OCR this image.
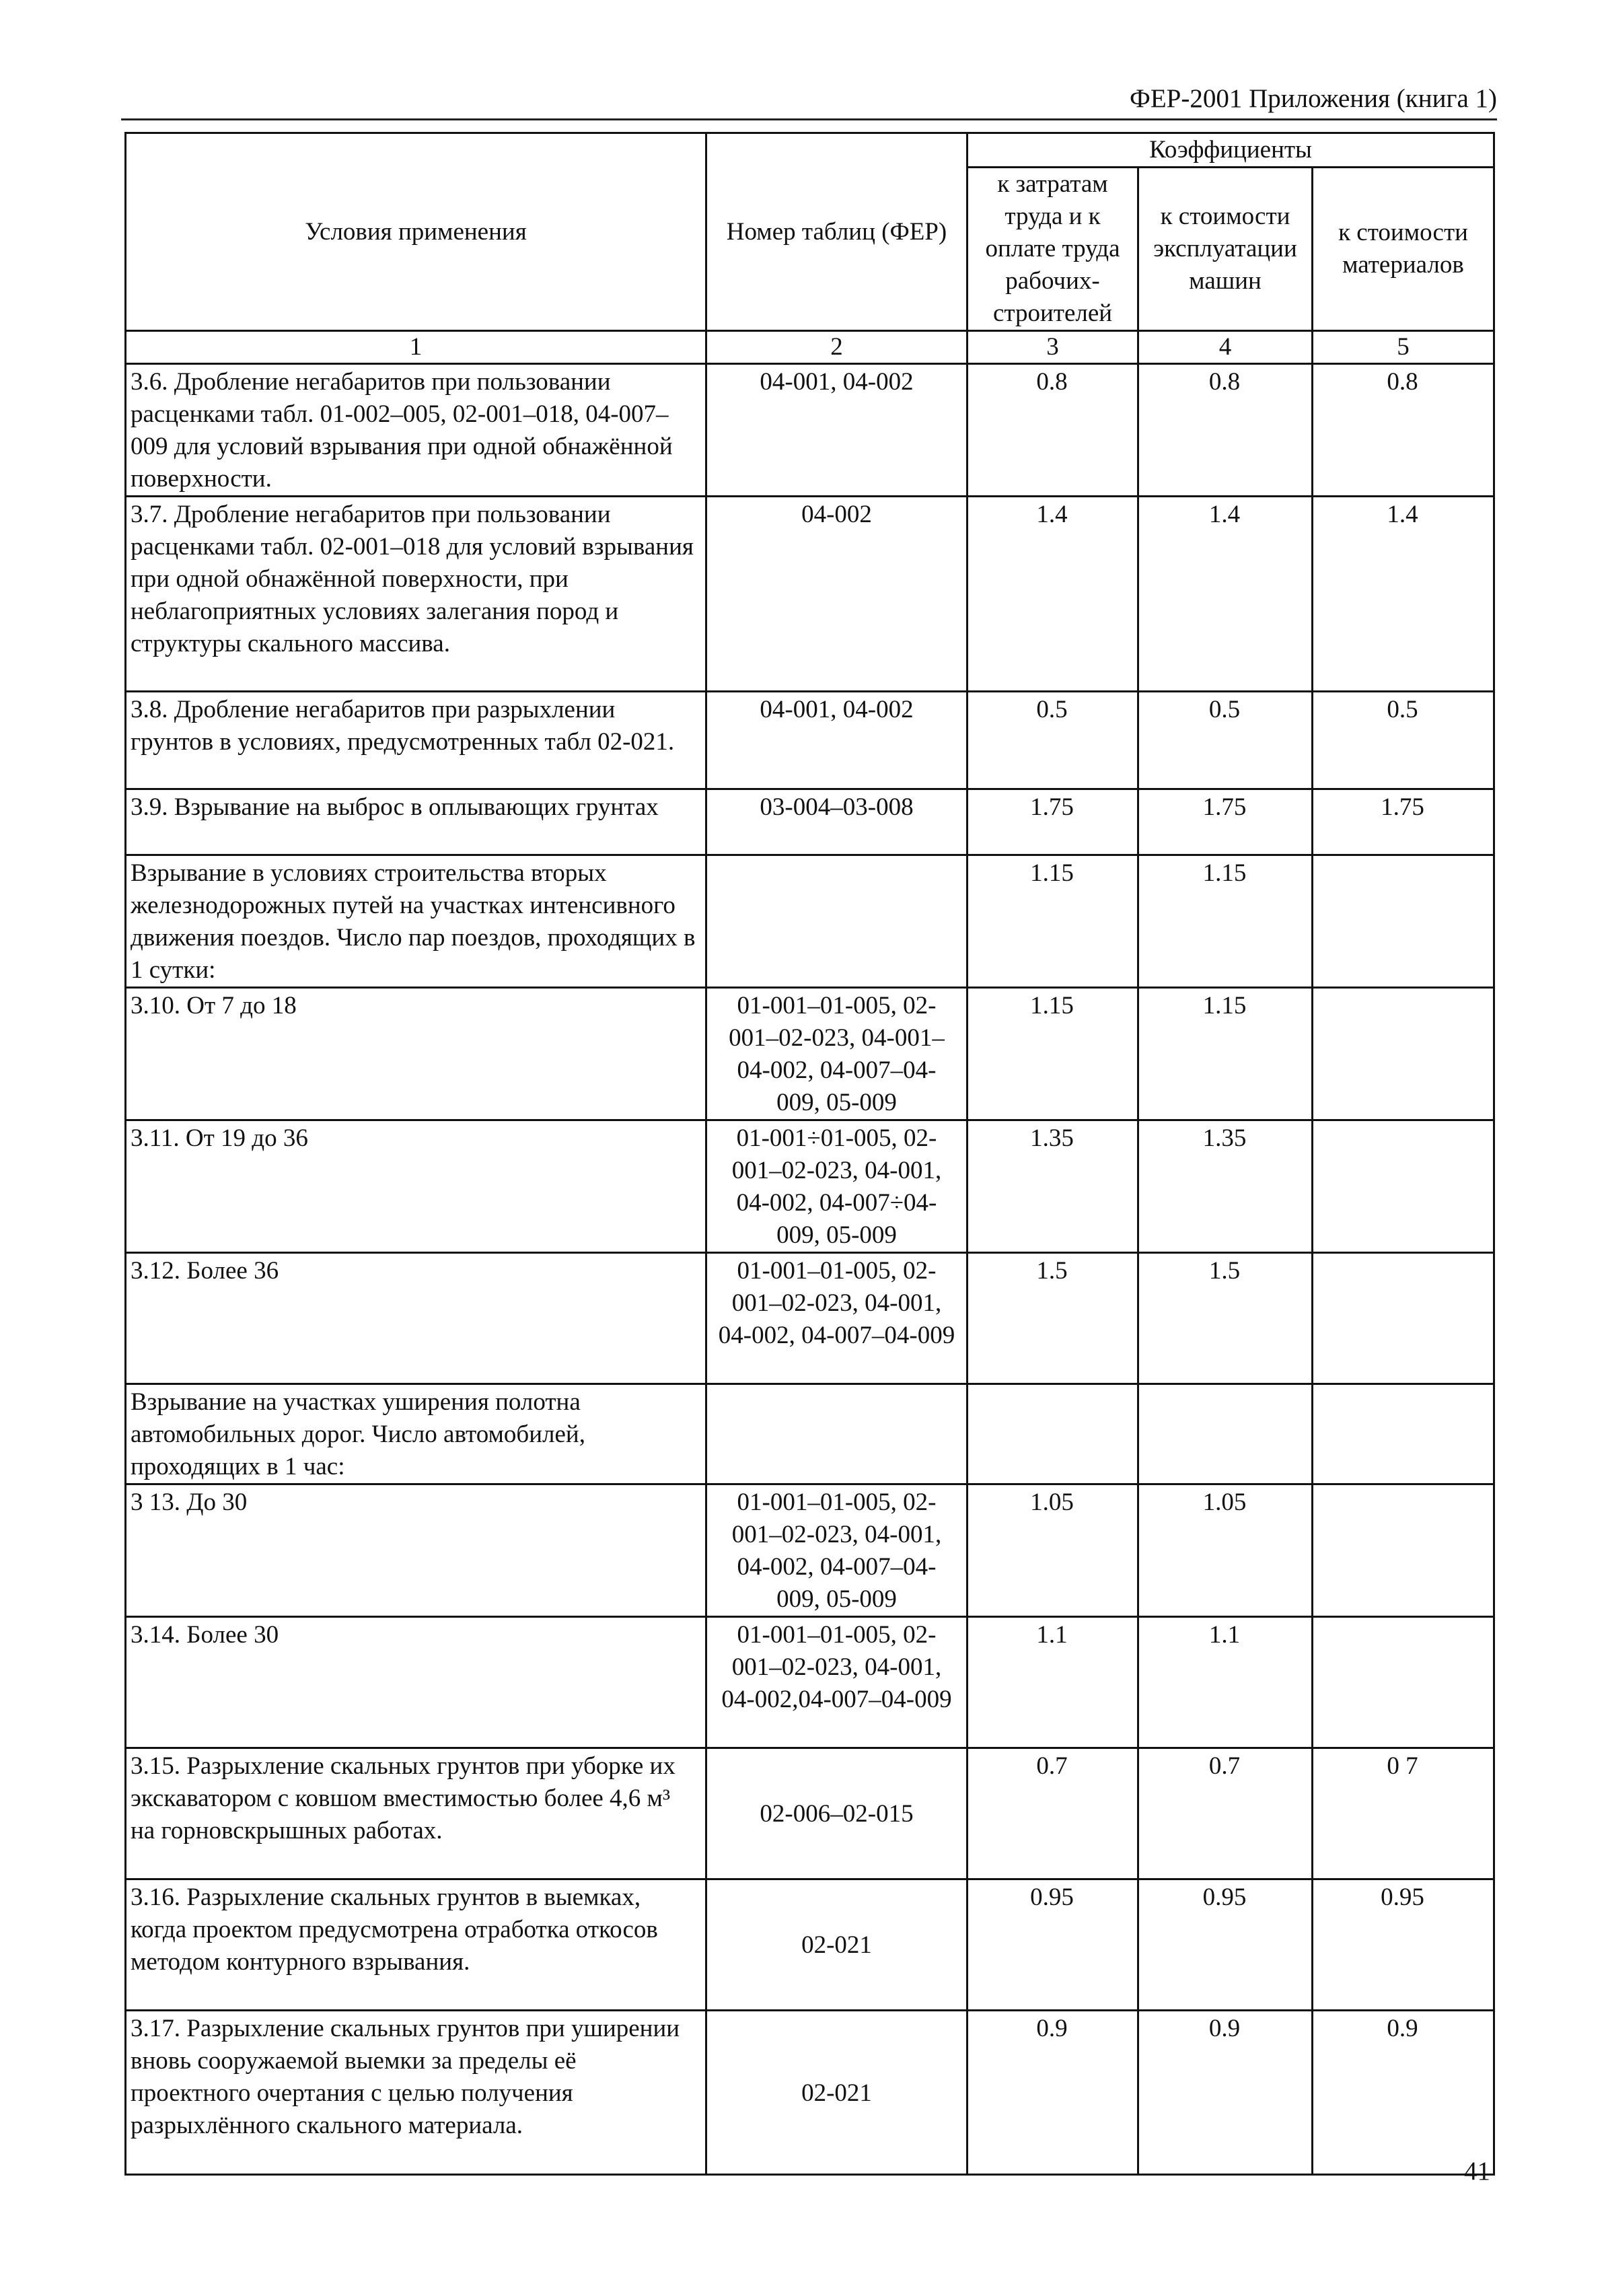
ФЕР-2001 Приложения (книга 1)
Условия применения	Номер таблиц (ФЕР)	Коэффициенты		
		к затратам труда и к оплате труда рабочих-строителей	к стоимости эксплуатации машин	к стоимости материалов
1	2	3	4	5
3.6. Дробление негабаритов при пользовании расценками табл. 01-002–005, 02-001–018, 04-007–009 для условий взрывания при одной обнажённой поверхности.	04-001, 04-002	0.8	0.8	0.8
3.7. Дробление негабаритов при пользовании расценками табл. 02-001–018 для условий взрывания при одной обнажённой поверхности, при неблагоприятных условиях залегания пород и структуры скального массива.	04-002	1.4	1.4	1.4
3.8. Дробление негабаритов при разрыхлении грунтов в условиях, предусмотренных табл 02-021.	04-001, 04-002	0.5	0.5	0.5
3.9. Взрывание на выброс в оплывающих грунтах	03-004–03-008	1.75	1.75	1.75
Взрывание в условиях строительства вторых железнодорожных путей на участках интенсивного движения поездов. Число пар поездов, проходящих в 1 сутки:		1.15	1.15	
3.10. От 7 до 18	01-001–01-005, 02-001–02-023, 04-001–04-002, 04-007–04-009, 05-009	1.15	1.15	
3.11. От 19 до 36	01-001÷01-005, 02-001–02-023, 04-001, 04-002, 04-007÷04-009, 05-009	1.35	1.35	
3.12. Более 36	01-001–01-005, 02-001–02-023, 04-001, 04-002, 04-007–04-009	1.5	1.5	
Взрывание на участках уширения полотна автомобильных дорог. Число автомобилей, проходящих в 1 час:				
3 13. До 30	01-001–01-005, 02-001–02-023, 04-001, 04-002, 04-007–04-009, 05-009	1.05	1.05	
3.14. Более 30	01-001–01-005, 02-001–02-023, 04-001, 04-002,04-007–04-009	1.1	1.1	
3.15. Разрыхление скальных грунтов при уборке их экскаватором с ковшом вместимостью более 4,6 м³ на горновскрышных работах.	02-006–02-015	0.7	0.7	0 7
3.16. Разрыхление скальных грунтов в выемках, когда проектом предусмотрена отработка откосов методом контурного взрывания.	02-021	0.95	0.95	0.95
3.17. Разрыхление скальных грунтов при уширении вновь сооружаемой выемки за пределы её проектного очертания с целью получения разрыхлённого скального материала.	02-021	0.9	0.9	0.9
41
